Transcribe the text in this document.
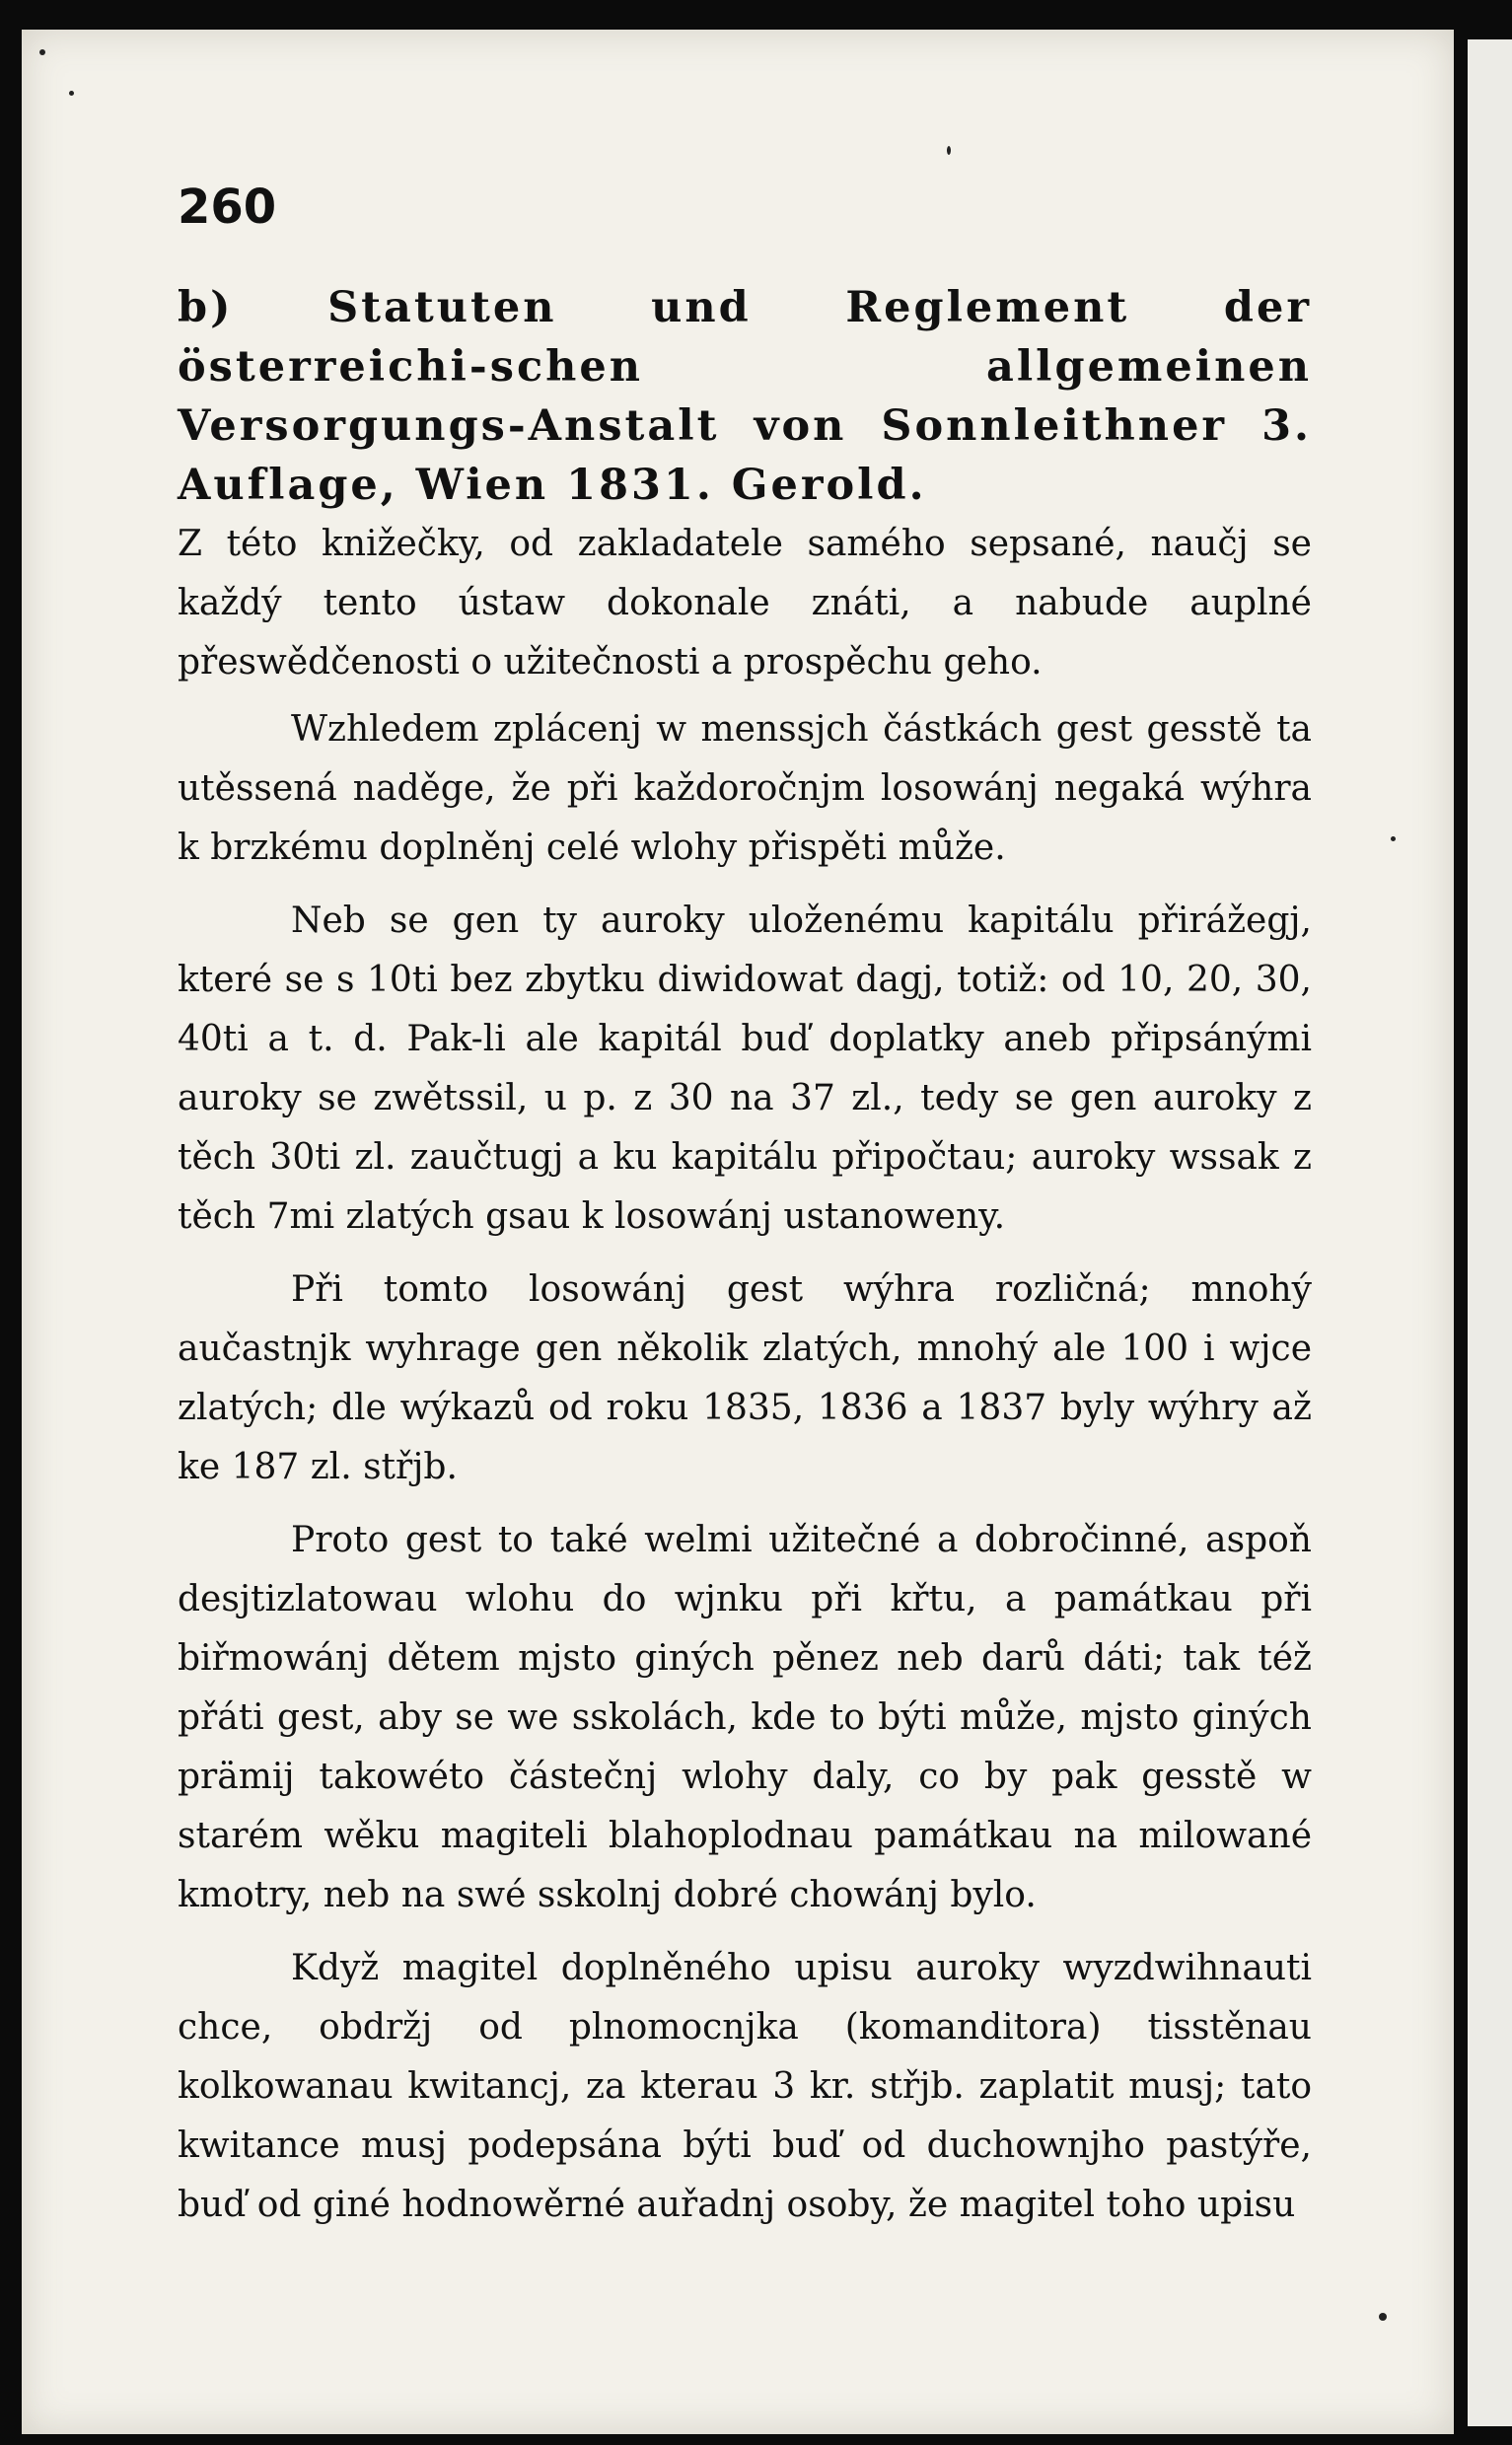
260

b) Statuten und Reglement der österreichi-schen allgemeinen Versorgungs-Anstalt von Sonnleithner 3. Auflage, Wien 1831. Gerold.

Z této knižečky, od zakladatele samého sepsané, naučj se každý tento ústaw dokonale znáti, a nabude auplné přeswědčenosti o užitečnosti a prospěchu geho.

Wzhledem zplácenj w menssjch částkách gest gesstě ta utěssená naděge, že při každoročnjm losowánj negaká wýhra k brzkému doplněnj celé wlohy přispěti může.

Neb se gen ty auroky uloženému kapitálu přirážegj, které se s 10ti bez zbytku diwidowat dagj, totiž: od 10, 20, 30, 40ti a t. d. Pak-li ale kapitál buď doplatky aneb připsánými auroky se zwětssil, u p. z 30 na 37 zl., tedy se gen auroky z těch 30ti zl. zaučtugj a ku kapitálu připočtau; auroky wssak z těch 7mi zlatých gsau k losowánj ustanoweny.

Při tomto losowánj gest wýhra rozličná; mnohý aučastnjk wyhrage gen několik zlatých, mnohý ale 100 i wjce zlatých; dle wýkazů od roku 1835, 1836 a 1837 byly wýhry až ke 187 zl. střjb.

Proto gest to také welmi užitečné a dobročinné, aspoň desjtizlatowau wlohu do wjnku při křtu, a památkau při biřmowánj dětem mjsto giných pěnez neb darů dáti; tak též přáti gest, aby se we sskolách, kde to býti může, mjsto giných prämij takowéto částečnj wlohy daly, co by pak gesstě w starém wěku magiteli blahoplodnau památkau na milowané kmotry, neb na swé sskolnj dobré chowánj bylo.

Když magitel doplněného upisu auroky wyzdwihnauti chce, obdržj od plnomocnjka (komanditora) tisstěnau kolkowanau kwitancj, za kterau 3 kr. střjb. zaplatit musj; tato kwitance musj podepsána býti buď od duchownjho pastýře, buď od giné hodnowěrné auřadnj osoby, že magitel toho upisu
